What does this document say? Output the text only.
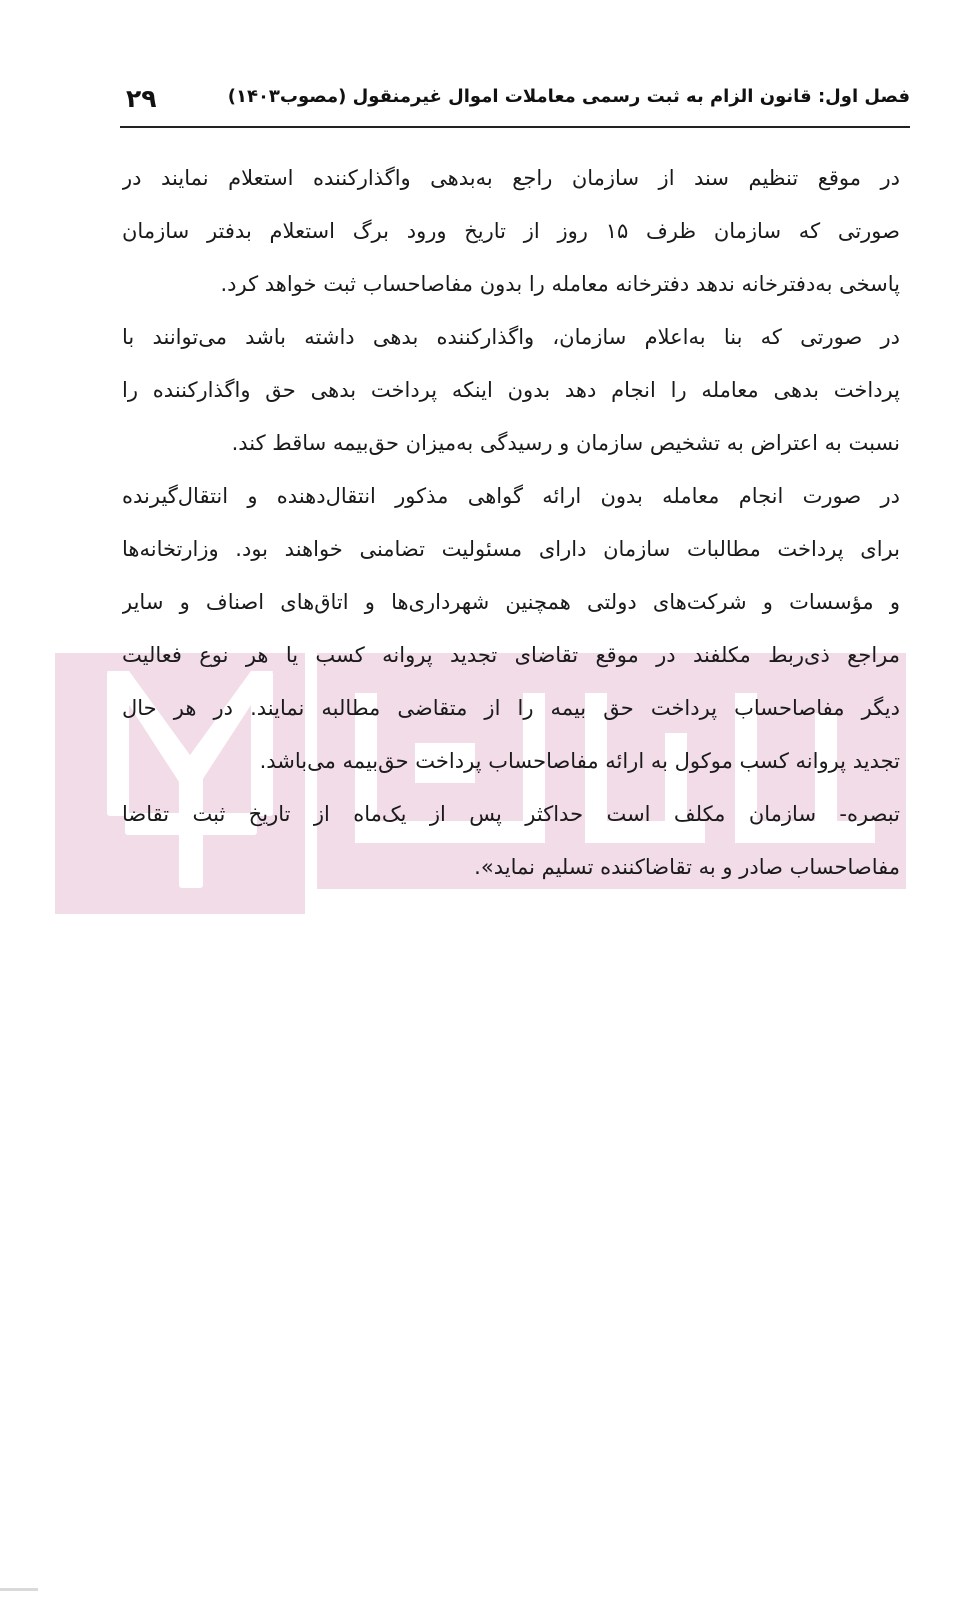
فصل اول: قانون الزام به ثبت رسمی معاملات اموال غیرمنقول (مصوب۱۴۰۳)
۲۹
در موقع تنظیم سند از سازمان راجع به‌بدهی واگذارکننده استعلام نمایند در
صورتی که سازمان ظرف ۱۵ روز از تاریخ ورود برگ استعلام بدفتر سازمان
پاسخی به‌دفترخانه ندهد دفترخانه معامله را بدون مفاصاحساب ثبت خواهد کرد.
در صورتی که بنا به‌اعلام سازمان، واگذارکننده بدهی داشته باشد می‌توانند با
پرداخت بدهی معامله را انجام دهد بدون اینکه پرداخت بدهی حق واگذارکننده را
نسبت به اعتراض به تشخیص سازمان و رسیدگی به‌میزان حق‌بیمه ساقط کند.
در صورت انجام معامله بدون ارائه گواهی مذکور انتقال‌دهنده و انتقال‌گیرنده
برای پرداخت مطالبات سازمان دارای مسئولیت تضامنی خواهند بود. وزارتخانه‌ها
و مؤسسات و شرکت‌های دولتی همچنین شهرداری‌ها و اتاق‌های اصناف و سایر
مراجع ذی‌ربط مکلفند در موقع تقاضای تجدید پروانه کسب یا هر نوع فعالیت
دیگر مفاصاحساب پرداخت حق بیمه را از متقاضی مطالبه نمایند. در هر حال
تجدید پروانه کسب موکول به ارائه مفاصاحساب پرداخت حق‌بیمه می‌باشد.
تبصره- سازمان مکلف است حداکثر پس از یک‌ماه از تاریخ ثبت تقاضا
مفاصاحساب صادر و به تقاضاکننده تسلیم نماید».
